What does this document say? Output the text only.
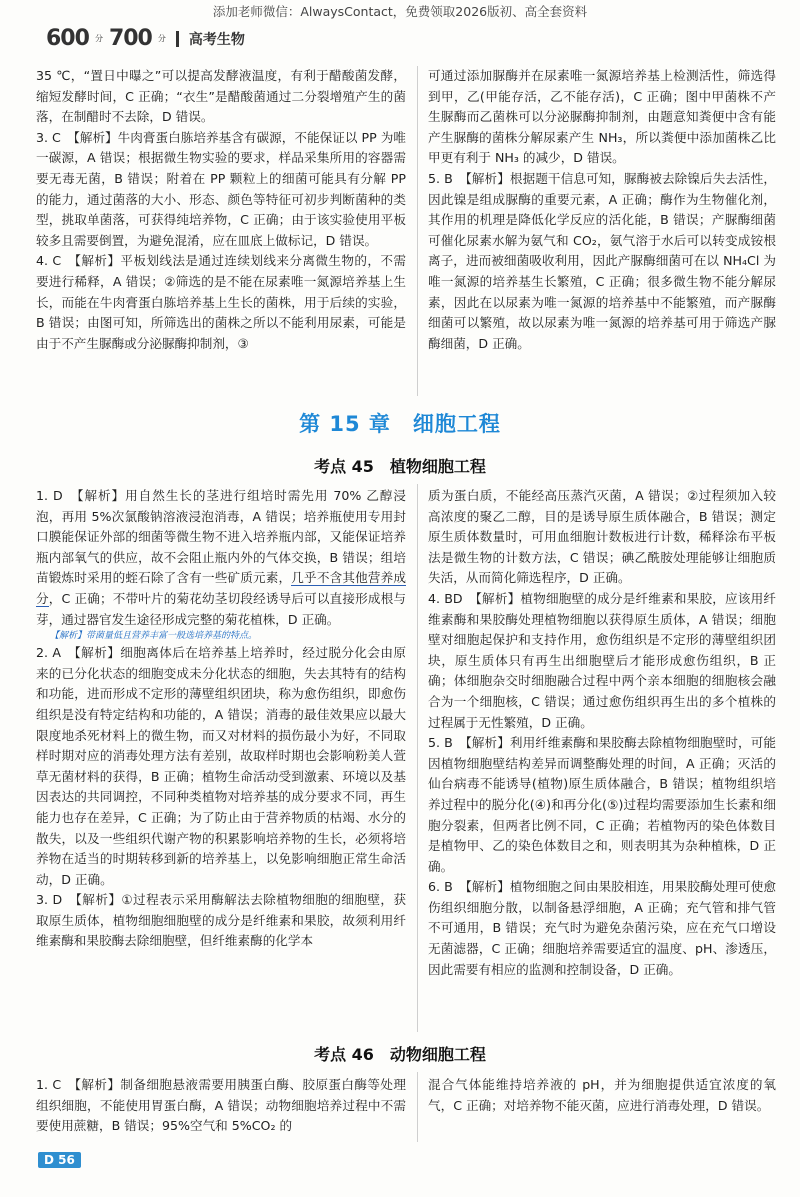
添加老师微信：AlwaysContact，免费领取2026版初、高全套资料
600 分 700 分 高考生物

35 ℃，“置日中曝之”可以提高发酵液温度，有利于醋酸菌发酵，缩短发酵时间，C 正确；“衣生”是醋酸菌通过二分裂增殖产生的菌落，在制醋时不去除，D 错误。

3. C　【解析】牛肉膏蛋白胨培养基含有碳源，不能保证以 PP 为唯一碳源，A 错误；根据微生物实验的要求，样品采集所用的容器需要无毒无菌，B 错误；附着在 PP 颗粒上的细菌可能具有分解 PP 的能力，通过菌落的大小、形态、颜色等特征可初步判断菌种的类型，挑取单菌落，可获得纯培养物，C 正确；由于该实验使用平板较多且需要倒置，为避免混淆，应在皿底上做标记，D 错误。

4. C　【解析】平板划线法是通过连续划线来分离微生物的，不需要进行稀释，A 错误；②筛选的是不能在尿素唯一氮源培养基上生长，而能在牛肉膏蛋白胨培养基上生长的菌株，用于后续的实验，B 错误；由图可知，所筛选出的菌株之所以不能利用尿素，可能是由于不产生脲酶或分泌脲酶抑制剂，③

可通过添加脲酶并在尿素唯一氮源培养基上检测活性，筛选得到甲，乙(甲能存活，乙不能存活)，C 正确；图中甲菌株不产生脲酶而乙菌株可以分泌脲酶抑制剂，由题意知粪便中含有能产生脲酶的菌株分解尿素产生 NH₃，所以粪便中添加菌株乙比甲更有利于 NH₃ 的减少，D 错误。

5. B　【解析】根据题干信息可知，脲酶被去除镍后失去活性，因此镍是组成脲酶的重要元素，A 正确；酶作为生物催化剂，其作用的机理是降低化学反应的活化能，B 错误；产脲酶细菌可催化尿素水解为氨气和 CO₂，氨气溶于水后可以转变成铵根离子，进而被细菌吸收利用，因此产脲酶细菌可在以 NH₄Cl 为唯一氮源的培养基生长繁殖，C 正确；很多微生物不能分解尿素，因此在以尿素为唯一氮源的培养基中不能繁殖，而产脲酶细菌可以繁殖，故以尿素为唯一氮源的培养基可用于筛选产脲酶细菌，D 正确。

第 15 章　细胞工程
考点 45　植物细胞工程

1. D　【解析】用自然生长的茎进行组培时需先用 70% 乙醇浸泡，再用 5%次氯酸钠溶液浸泡消毒，A 错误；培养瓶使用专用封口膜能保证外部的细菌等微生物不进入培养瓶内部，又能保证培养瓶内部氧气的供应，故不会阻止瓶内外的气体交换，B 错误；组培苗锻炼时采用的蛭石除了含有一些矿质元素，几乎不含其他营养成分，C 正确；不带叶片的菊花幼茎切段经诱导后可以直接形成根与芽，通过器官发生途径形成完整的菊花植株，D 正确。

【解析】带菌量低且营养丰富一般选培养基的特点。

2. A　【解析】细胞离体后在培养基上培养时，经过脱分化会由原来的已分化状态的细胞变成未分化状态的细胞，失去其特有的结构和功能，进而形成不定形的薄壁组织团块，称为愈伤组织，即愈伤组织是没有特定结构和功能的，A 错误；消毒的最佳效果应以最大限度地杀死材料上的微生物，而又对材料的损伤最小为好，不同取样时期对应的消毒处理方法有差别，故取样时期也会影响粉美人萱草无菌材料的获得，B 正确；植物生命活动受到激素、环境以及基因表达的共同调控，不同种类植物对培养基的成分要求不同，再生能力也存在差异，C 正确；为了防止由于营养物质的枯竭、水分的散失，以及一些组织代谢产物的积累影响培养物的生长，必须将培养物在适当的时期转移到新的培养基上，以免影响细胞正常生命活动，D 正确。

3. D　【解析】①过程表示采用酶解法去除植物细胞的细胞壁，获取原生质体，植物细胞细胞壁的成分是纤维素和果胶，故须利用纤维素酶和果胶酶去除细胞壁，但纤维素酶的化学本

质为蛋白质，不能经高压蒸汽灭菌，A 错误；②过程须加入较高浓度的聚乙二醇，目的是诱导原生质体融合，B 错误；测定原生质体数量时，可用血细胞计数板进行计数，稀释涂布平板法是微生物的计数方法，C 错误；碘乙酰胺处理能够让细胞质失活，从而简化筛选程序，D 正确。

4. BD　【解析】植物细胞壁的成分是纤维素和果胶，应该用纤维素酶和果胶酶处理植物细胞以获得原生质体，A 错误；细胞壁对细胞起保护和支持作用，愈伤组织是不定形的薄壁组织团块，原生质体只有再生出细胞壁后才能形成愈伤组织，B 正确；体细胞杂交时细胞融合过程中两个亲本细胞的细胞核会融合为一个细胞核，C 错误；通过愈伤组织再生出的多个植株的过程属于无性繁殖，D 正确。

5. B　【解析】利用纤维素酶和果胶酶去除植物细胞壁时，可能因植物细胞壁结构差异而调整酶处理的时间，A 正确；灭活的仙台病毒不能诱导(植物)原生质体融合，B 错误；植物组织培养过程中的脱分化(④)和再分化(⑤)过程均需要添加生长素和细胞分裂素，但两者比例不同，C 正确；若植物丙的染色体数目是植物甲、乙的染色体数目之和，则表明其为杂种植株，D 正确。

6. B　【解析】植物细胞之间由果胶相连，用果胶酶处理可使愈伤组织细胞分散，以制备悬浮细胞，A 正确；充气管和排气管不可通用，B 错误；充气时为避免杂菌污染，应在充气口增设无菌滤器，C 正确；细胞培养需要适宜的温度、pH、渗透压，因此需要有相应的监测和控制设备，D 正确。

考点 46　动物细胞工程

1. C　【解析】制备细胞悬液需要用胰蛋白酶、胶原蛋白酶等处理组织细胞，不能使用胃蛋白酶，A 错误；动物细胞培养过程中不需要使用蔗糖，B 错误；95%空气和 5%CO₂ 的

混合气体能维持培养液的 pH，并为细胞提供适宜浓度的氧气，C 正确；对培养物不能灭菌，应进行消毒处理，D 错误。

D 56
